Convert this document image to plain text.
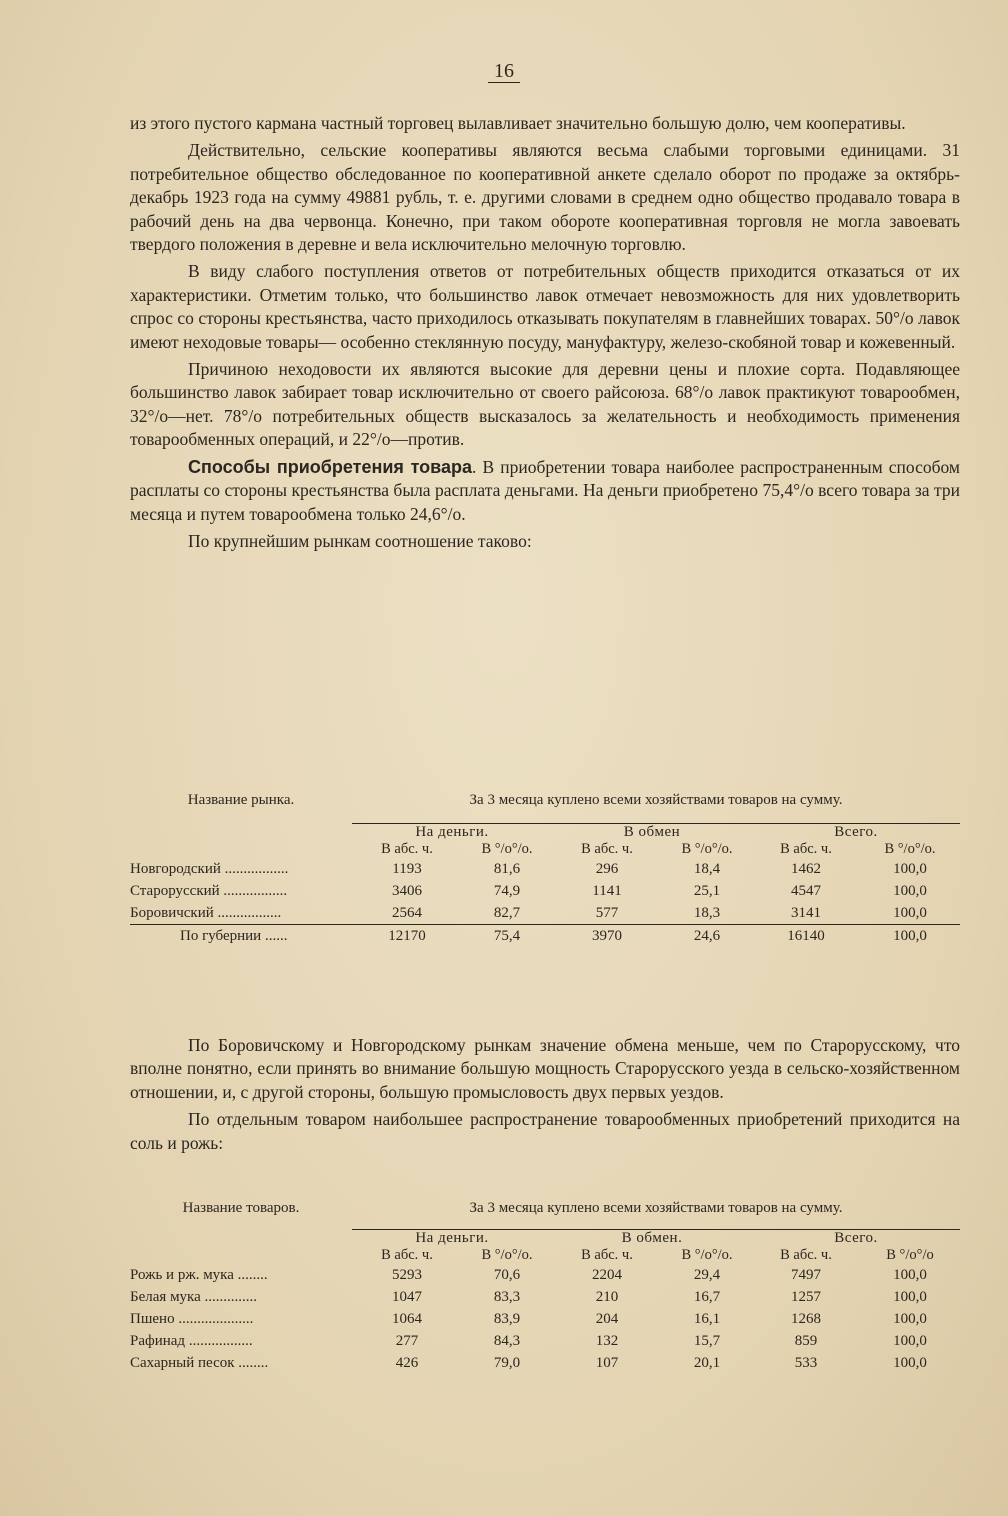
16

из этого пустого кармана частный торговец вылавливает значительно большую долю, чем кооперативы.

Действительно, сельские кооперативы являются весьма слабыми торговыми единицами. 31 потребительное общество обследованное по кооперативной анкете сделало оборот по продаже за октябрь-декабрь 1923 года на сумму 49881 рубль, т. е. другими словами в среднем одно общество продавало товара в рабочий день на два червонца. Конечно, при таком обороте кооперативная торговля не могла завоевать твердого положения в деревне и вела исключительно мелочную торговлю.

В виду слабого поступления ответов от потребительных обществ приходится отказаться от их характеристики. Отметим только, что большинство лавок отмечает невозможность для них удовлетворить спрос со стороны крестьянства, часто приходилось отказывать покупателям в главнейших товарах. 50°/о лавок имеют неходовые товары— особенно стеклянную посуду, мануфактуру, железо-скобяной товар и кожевенный.

Причиною неходовости их являются высокие для деревни цены и плохие сорта. Подавляющее большинство лавок забирает товар исключительно от своего райсоюза. 68°/о лавок практикуют товарообмен, 32°/о—нет. 78°/о потребительных обществ высказалось за желательность и необходимость применения товарообменных операций, и 22°/о—против.

Способы приобретения товара. В приобретении товара наиболее распространенным способом расплаты со стороны крестьянства была расплата деньгами. На деньги приобретено 75,4°/о всего товара за три месяца и путем товарообмена только 24,6°/о.

По крупнейшим рынкам соотношение таково:

Название рынка.	За 3 месяца куплено всеми хозяйствами товаров на сумму.					
	На деньги.		В обмен		Всего.	
	В абс. ч.	В °/о°/о.	В абс. ч.	В °/о°/о.	В абс. ч.	В °/о°/о.
Новгородский .................	1193	81,6	296	18,4	1462	100,0
Старорусский .................	3406	74,9	1141	25,1	4547	100,0
Боровичский .................	2564	82,7	577	18,3	3141	100,0
По губернии ......	12170	75,4	3970	24,6	16140	100,0

По Боровичскому и Новгородскому рынкам значение обмена меньше, чем по Старорусскому, что вполне понятно, если принять во внимание большую мощность Старорусского уезда в сельско-хозяйственном отношении, и, с другой стороны, большую промысловость двух первых уездов.

По отдельным товаром наибольшее распространение товарообменных приобретений приходится на соль и рожь:

Название товаров.	За 3 месяца куплено всеми хозяйствами товаров на сумму.					
	На деньги.		В обмен.		Всего.	
	В абс. ч.	В °/о°/о.	В абс. ч.	В °/о°/о.	В абс. ч.	В °/о°/о
Рожь и рж. мука ........	5293	70,6	2204	29,4	7497	100,0
Белая мука ..............	1047	83,3	210	16,7	1257	100,0
Пшено ....................	1064	83,9	204	16,1	1268	100,0
Рафинад .................	277	84,3	132	15,7	859	100,0
Сахарный песок ........	426	79,0	107	20,1	533	100,0
